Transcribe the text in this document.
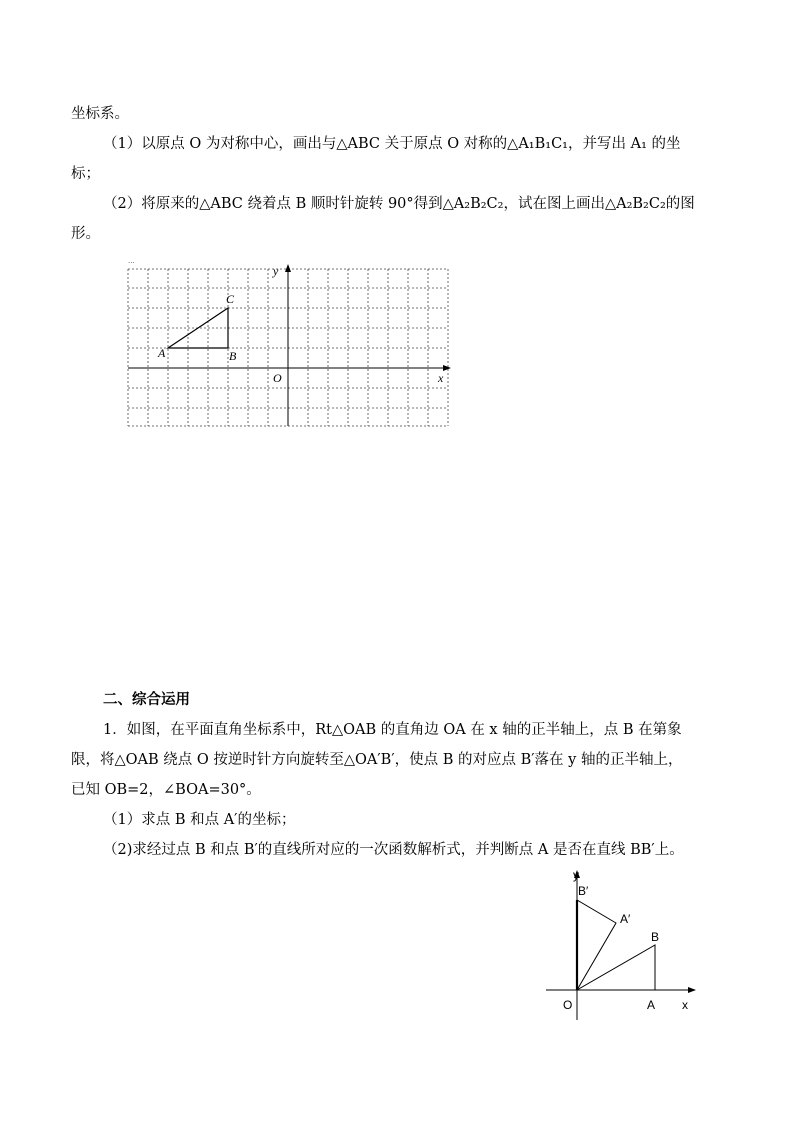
坐标系。
（1）以原点 O 为对称中心，画出与△ABC 关于原点 O 对称的△A₁B₁C₁，并写出 A₁ 的坐
标；
（2）将原来的△ABC 绕着点 B 顺时针旋转 90°得到△A₂B₂C₂，试在图上画出△A₂B₂C₂的图
形。
···
A	B
C
O	x
y
二、综合运用
1．如图，在平面直角坐标系中，Rt△OAB 的直角边 OA 在 x 轴的正半轴上，点 B 在第象
限，将△OAB 绕点 O 按逆时针方向旋转至△OA′B′，使点 B 的对应点 B′落在 y 轴的正半轴上，
已知 OB=2，∠BOA=30°。
（1）求点 B 和点 A′的坐标；
（2)求经过点 B 和点 B′的直线所对应的一次函数解析式，并判断点 A 是否在直线 BB′上。
y
B′
A′
B
O	A x
